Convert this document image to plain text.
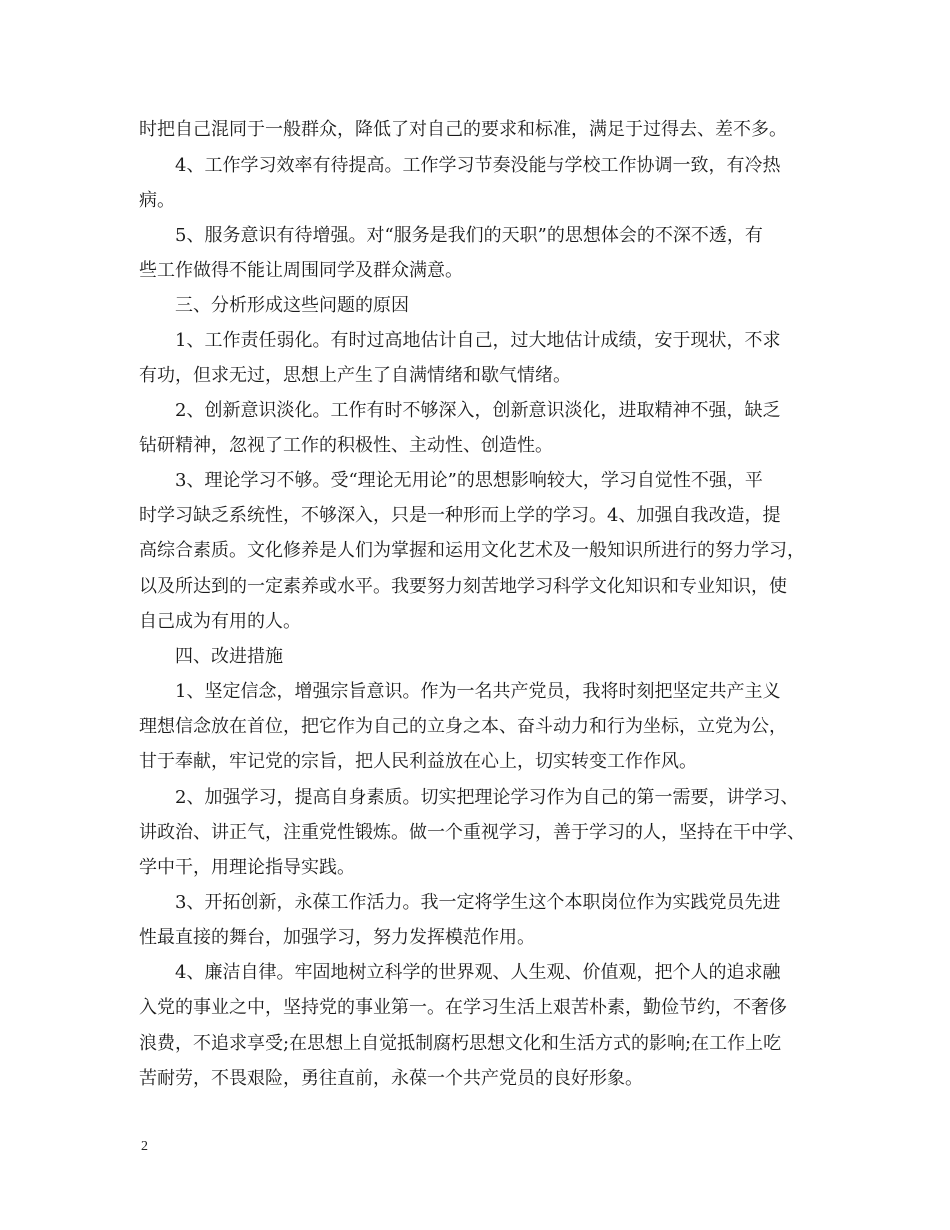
时把自己混同于一般群众，降低了对自己的要求和标准，满足于过得去、差不多。
　　4、工作学习效率有待提高。工作学习节奏没能与学校工作协调一致，有冷热
病。
　　5、服务意识有待增强。对“服务是我们的天职”的思想体会的不深不透，有
些工作做得不能让周围同学及群众满意。
　　三、分析形成这些问题的原因
　　1、工作责任弱化。有时过高地估计自己，过大地估计成绩，安于现状，不求
有功，但求无过，思想上产生了自满情绪和歇气情绪。
　　2、创新意识淡化。工作有时不够深入，创新意识淡化，进取精神不强，缺乏
钻研精神，忽视了工作的积极性、主动性、创造性。
　　3、理论学习不够。受“理论无用论”的思想影响较大，学习自觉性不强，平
时学习缺乏系统性，不够深入，只是一种形而上学的学习。4、加强自我改造，提
高综合素质。文化修养是人们为掌握和运用文化艺术及一般知识所进行的努力学习，
以及所达到的一定素养或水平。我要努力刻苦地学习科学文化知识和专业知识，使
自己成为有用的人。
　　四、改进措施
　　1、坚定信念，增强宗旨意识。作为一名共产党员，我将时刻把坚定共产主义
理想信念放在首位，把它作为自己的立身之本、奋斗动力和行为坐标，立党为公，
甘于奉献，牢记党的宗旨，把人民利益放在心上，切实转变工作作风。
　　2、加强学习，提高自身素质。切实把理论学习作为自己的第一需要，讲学习、
讲政治、讲正气，注重党性锻炼。做一个重视学习，善于学习的人，坚持在干中学、
学中干，用理论指导实践。
　　3、开拓创新，永葆工作活力。我一定将学生这个本职岗位作为实践党员先进
性最直接的舞台，加强学习，努力发挥模范作用。
　　4、廉洁自律。牢固地树立科学的世界观、人生观、价值观，把个人的追求融
入党的事业之中，坚持党的事业第一。在学习生活上艰苦朴素，勤俭节约，不奢侈
浪费，不追求享受;在思想上自觉抵制腐朽思想文化和生活方式的影响;在工作上吃
苦耐劳，不畏艰险，勇往直前，永葆一个共产党员的良好形象。
2
